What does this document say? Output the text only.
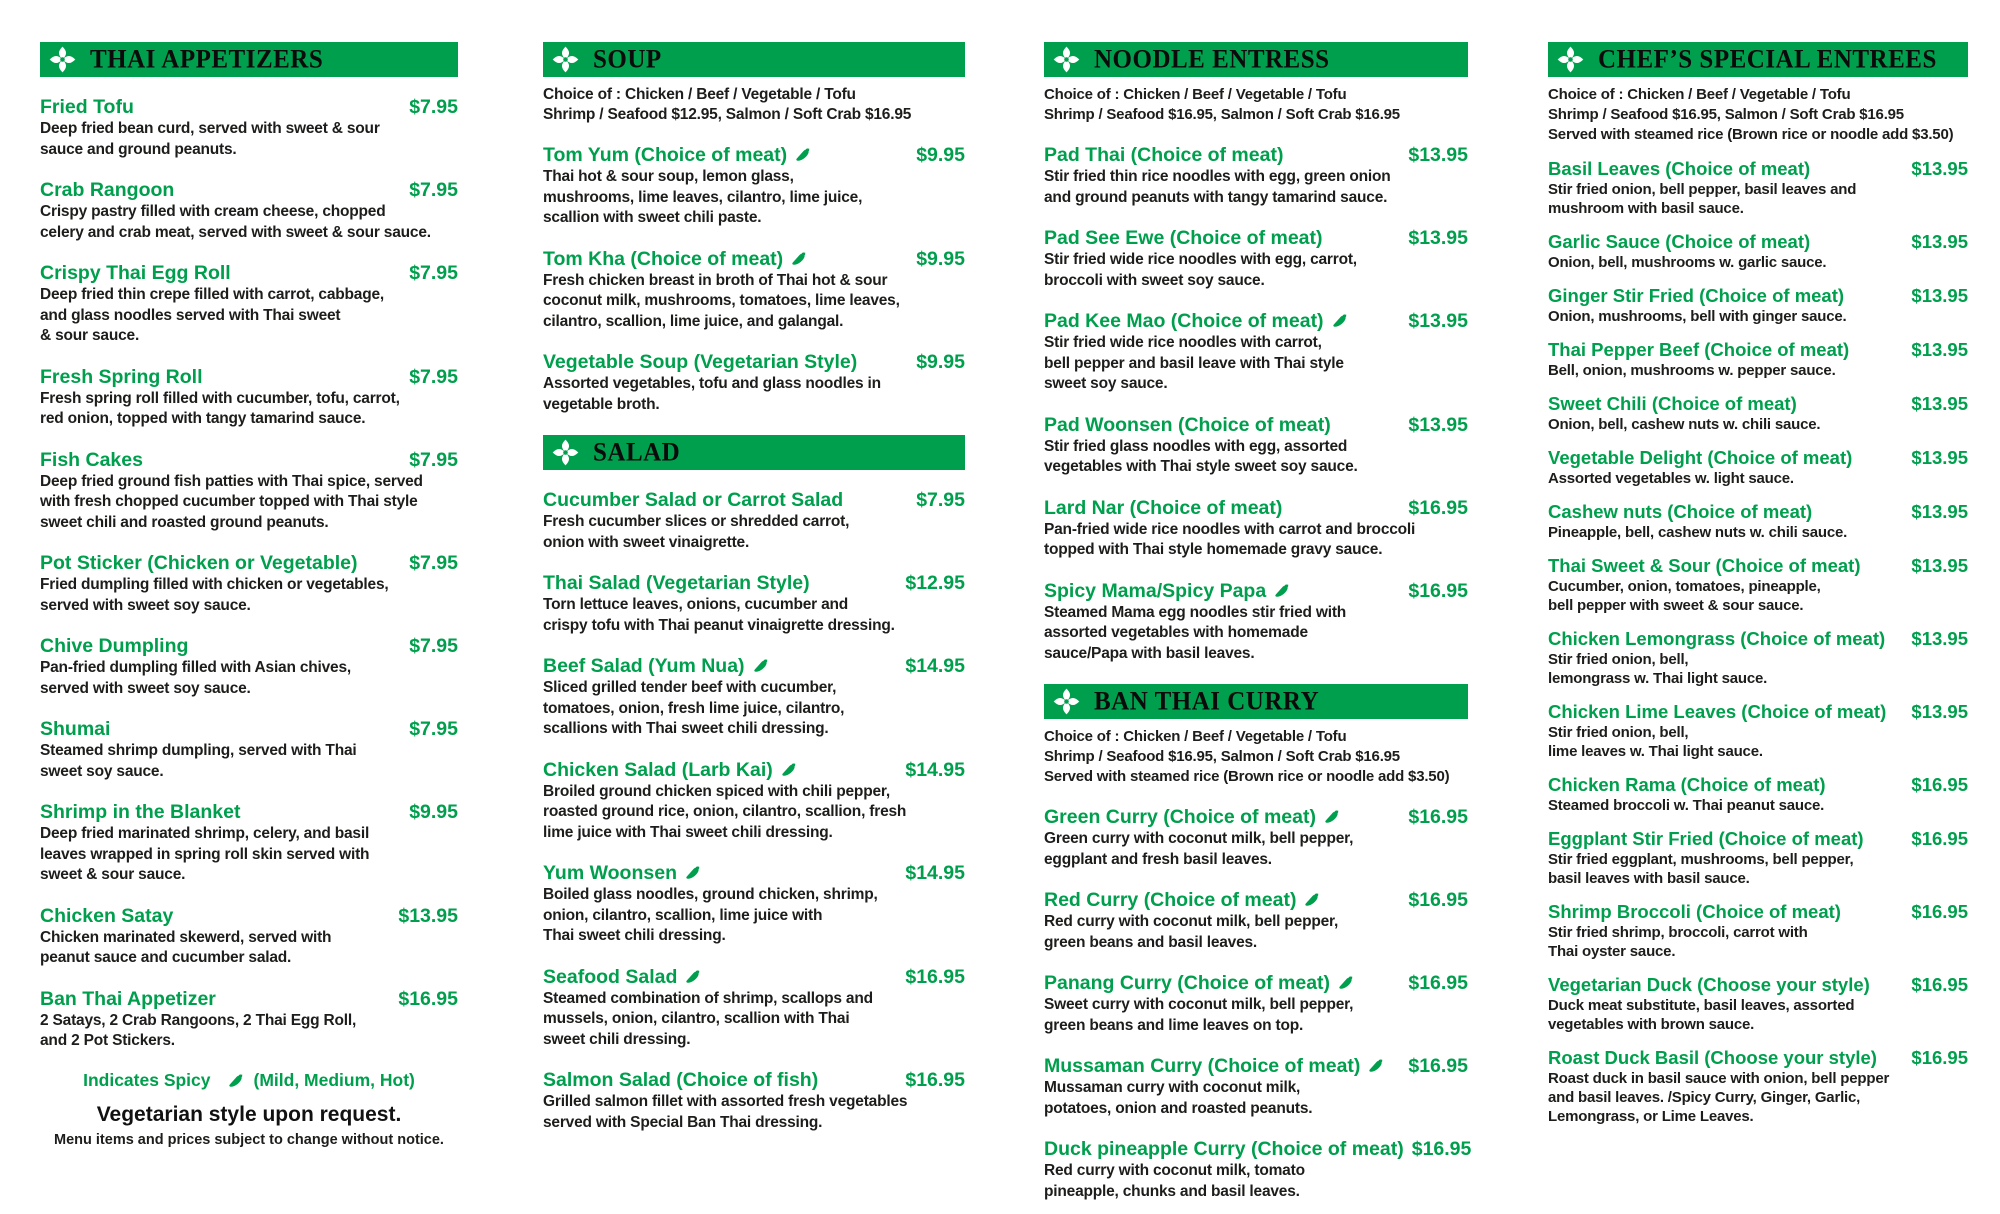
THAI APPETIZERS
Fried Tofu	$7.95
Deep fried bean curd, served with sweet & sour
sauce and ground peanuts.
Crab Rangoon	$7.95
Crispy pastry filled with cream cheese, chopped
celery and crab meat, served with sweet & sour sauce.
Crispy Thai Egg Roll	$7.95
Deep fried thin crepe filled with carrot, cabbage,
and glass noodles served with Thai sweet
& sour sauce.
Fresh Spring Roll	$7.95
Fresh spring roll filled with cucumber, tofu, carrot,
red onion, topped with tangy tamarind sauce.
Fish Cakes	$7.95
Deep fried ground fish patties with Thai spice, served
with fresh chopped cucumber topped with Thai style
sweet chili and roasted ground peanuts.
Pot Sticker (Chicken or Vegetable)	$7.95
Fried dumpling filled with chicken or vegetables,
served with sweet soy sauce.
Chive Dumpling	$7.95
Pan-fried dumpling filled with Asian chives,
served with sweet soy sauce.
Shumai	$7.95
Steamed shrimp dumpling, served with Thai
sweet soy sauce.
Shrimp in the Blanket	$9.95
Deep fried marinated shrimp, celery, and basil
leaves wrapped in spring roll skin served with
sweet & sour sauce.
Chicken Satay	$13.95
Chicken marinated skewerd, served with
peanut sauce and cucumber salad.
Ban Thai Appetizer	$16.95
2 Satays, 2 Crab Rangoons, 2 Thai Egg Roll,
and 2 Pot Stickers.
Indicates Spicy (Mild, Medium, Hot)
Vegetarian style upon request.
Menu items and prices subject to change without notice.
SOUP
Choice of : Chicken / Beef / Vegetable / Tofu
Shrimp / Seafood $12.95, Salmon / Soft Crab $16.95
Tom Yum (Choice of meat)	$9.95
Thai hot & sour soup, lemon glass,
mushrooms, lime leaves, cilantro, lime juice,
scallion with sweet chili paste.
Tom Kha (Choice of meat)	$9.95
Fresh chicken breast in broth of Thai hot & sour
coconut milk, mushrooms, tomatoes, lime leaves,
cilantro, scallion, lime juice, and galangal.
Vegetable Soup (Vegetarian Style)	$9.95
Assorted vegetables, tofu and glass noodles in
vegetable broth.
SALAD
Cucumber Salad or Carrot Salad	$7.95
Fresh cucumber slices or shredded carrot,
onion with sweet vinaigrette.
Thai Salad (Vegetarian Style)	$12.95
Torn lettuce leaves, onions, cucumber and
crispy tofu with Thai peanut vinaigrette dressing.
Beef Salad (Yum Nua)	$14.95
Sliced grilled tender beef with cucumber,
tomatoes, onion, fresh lime juice, cilantro,
scallions with Thai sweet chili dressing.
Chicken Salad (Larb Kai)	$14.95
Broiled ground chicken spiced with chili pepper,
roasted ground rice, onion, cilantro, scallion, fresh
lime juice with Thai sweet chili dressing.
Yum Woonsen	$14.95
Boiled glass noodles, ground chicken, shrimp,
onion, cilantro, scallion, lime juice with
Thai sweet chili dressing.
Seafood Salad	$16.95
Steamed combination of shrimp, scallops and
mussels, onion, cilantro, scallion with Thai
sweet chili dressing.
Salmon Salad (Choice of fish)	$16.95
Grilled salmon fillet with assorted fresh vegetables
served with Special Ban Thai dressing.
NOODLE ENTRESS
Choice of : Chicken / Beef / Vegetable / Tofu
Shrimp / Seafood $16.95, Salmon / Soft Crab $16.95
Pad Thai (Choice of meat)	$13.95
Stir fried thin rice noodles with egg, green onion
and ground peanuts with tangy tamarind sauce.
Pad See Ewe (Choice of meat)	$13.95
Stir fried wide rice noodles with egg, carrot,
broccoli with sweet soy sauce.
Pad Kee Mao (Choice of meat)	$13.95
Stir fried wide rice noodles with carrot,
bell pepper and basil leave with Thai style
sweet soy sauce.
Pad Woonsen (Choice of meat)	$13.95
Stir fried glass noodles with egg, assorted
vegetables with Thai style sweet soy sauce.
Lard Nar (Choice of meat)	$16.95
Pan-fried wide rice noodles with carrot and broccoli
topped with Thai style homemade gravy sauce.
Spicy Mama/Spicy Papa	$16.95
Steamed Mama egg noodles stir fried with
assorted vegetables with homemade
sauce/Papa with basil leaves.
BAN THAI CURRY
Choice of : Chicken / Beef / Vegetable / Tofu
Shrimp / Seafood $16.95, Salmon / Soft Crab $16.95
Served with steamed rice (Brown rice or noodle add $3.50)
Green Curry (Choice of meat)	$16.95
Green curry with coconut milk, bell pepper,
eggplant and fresh basil leaves.
Red Curry (Choice of meat)	$16.95
Red curry with coconut milk, bell pepper,
green beans and basil leaves.
Panang Curry (Choice of meat)	$16.95
Sweet curry with coconut milk, bell pepper,
green beans and lime leaves on top.
Mussaman Curry (Choice of meat)	$16.95
Mussaman curry with coconut milk,
potatoes, onion and roasted peanuts.
Duck pineapple Curry (Choice of meat) $16.95
Red curry with coconut milk, tomato
pineapple, chunks and basil leaves.
CHEF’S SPECIAL ENTREES
Choice of : Chicken / Beef / Vegetable / Tofu
Shrimp / Seafood $16.95, Salmon / Soft Crab $16.95
Served with steamed rice (Brown rice or noodle add $3.50)
Basil Leaves (Choice of meat)	$13.95
Stir fried onion, bell pepper, basil leaves and
mushroom with basil sauce.
Garlic Sauce (Choice of meat)	$13.95
Onion, bell, mushrooms w. garlic sauce.
Ginger Stir Fried (Choice of meat)	$13.95
Onion, mushrooms, bell with ginger sauce.
Thai Pepper Beef (Choice of meat)	$13.95
Bell, onion, mushrooms w. pepper sauce.
Sweet Chili (Choice of meat)	$13.95
Onion, bell, cashew nuts w. chili sauce.
Vegetable Delight (Choice of meat)	$13.95
Assorted vegetables w. light sauce.
Cashew nuts (Choice of meat)	$13.95
Pineapple, bell, cashew nuts w. chili sauce.
Thai Sweet & Sour (Choice of meat)	$13.95
Cucumber, onion, tomatoes, pineapple,
bell pepper with sweet & sour sauce.
Chicken Lemongrass (Choice of meat)	$13.95
Stir fried onion, bell,
lemongrass w. Thai light sauce.
Chicken Lime Leaves (Choice of meat)	$13.95
Stir fried onion, bell,
lime leaves w. Thai light sauce.
Chicken Rama (Choice of meat)	$16.95
Steamed broccoli w. Thai peanut sauce.
Eggplant Stir Fried (Choice of meat)	$16.95
Stir fried eggplant, mushrooms, bell pepper,
basil leaves with basil sauce.
Shrimp Broccoli (Choice of meat)	$16.95
Stir fried shrimp, broccoli, carrot with
Thai oyster sauce.
Vegetarian Duck (Choose your style)	$16.95
Duck meat substitute, basil leaves, assorted
vegetables with brown sauce.
Roast Duck Basil (Choose your style)	$16.95
Roast duck in basil sauce with onion, bell pepper
and basil leaves. /Spicy Curry, Ginger, Garlic,
Lemongrass, or Lime Leaves.
